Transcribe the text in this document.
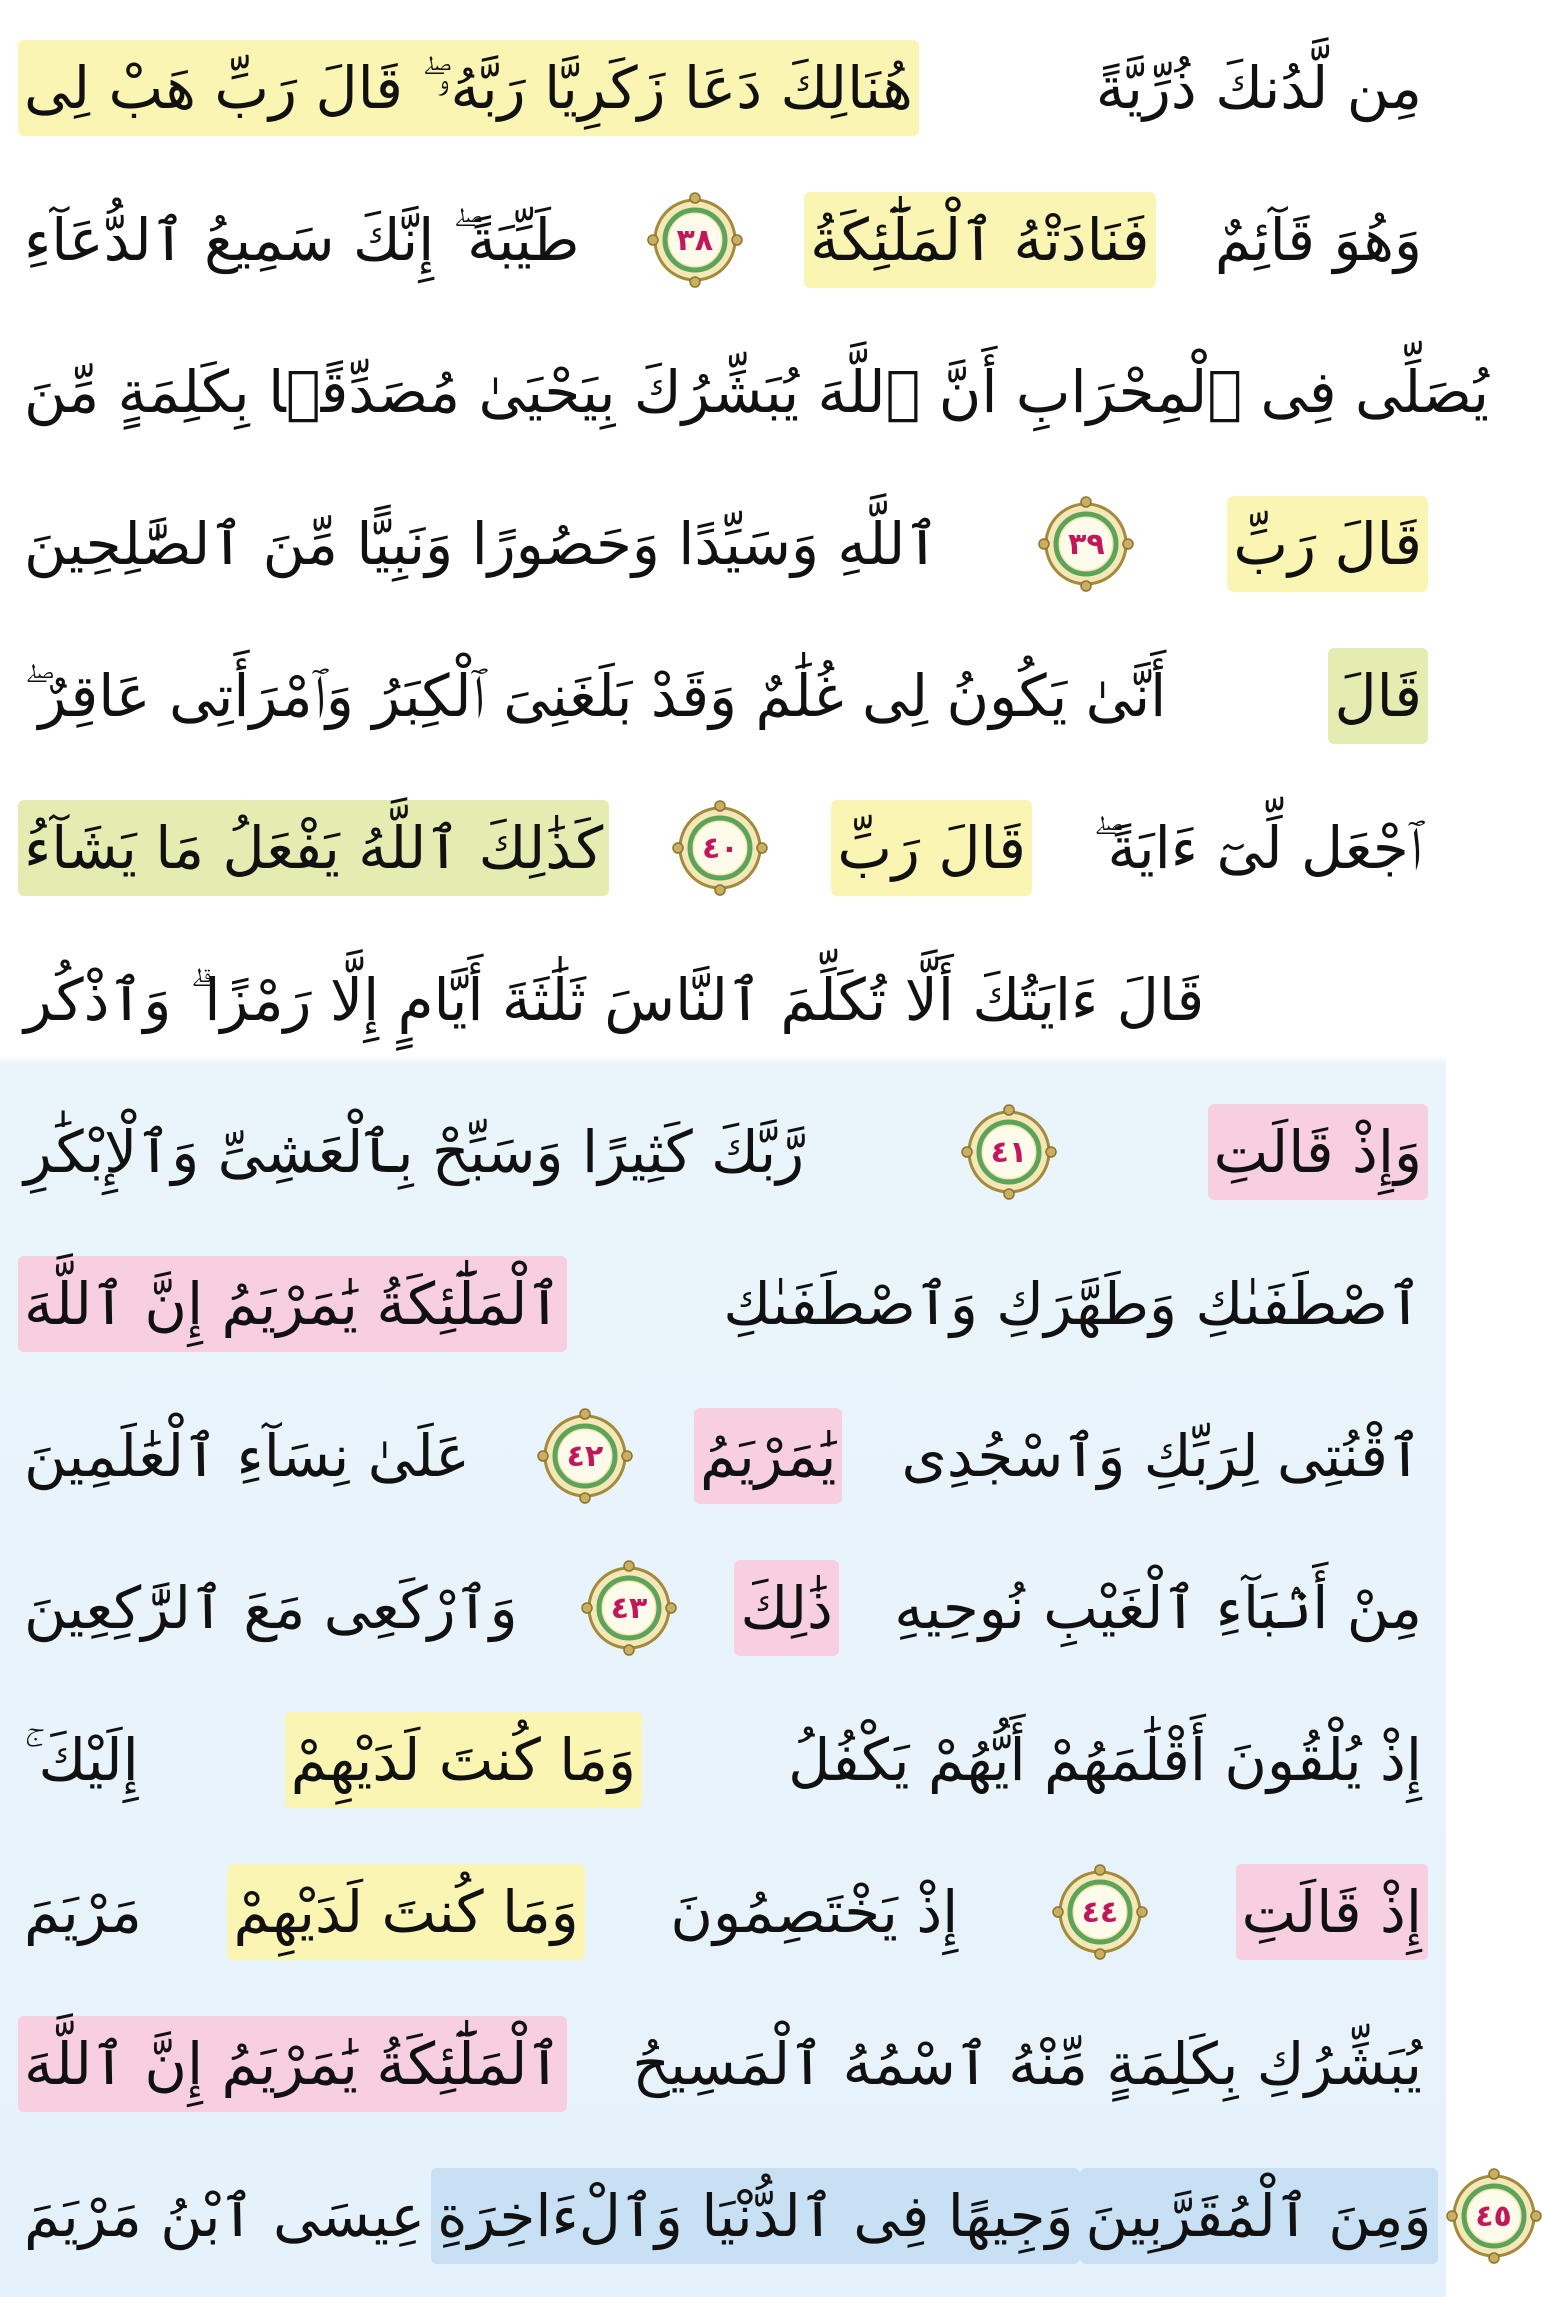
هُنَالِكَ دَعَا زَكَرِيَّا رَبَّهُۥ ۖ قَالَ رَبِّ هَبْ لِى	مِن لَّدُنكَ ذُرِّيَّةً
طَيِّبَةً ۖ إِنَّكَ سَمِيعُ ٱلدُّعَآءِ	٣٨	فَنَادَتْهُ ٱلْمَلَٰٓئِكَةُ وَهُوَ قَآئِمٌ
يُصَلِّى فِى ٱلْمِحْرَابِ أَنَّ ٱللَّهَ يُبَشِّرُكَ بِيَحْيَىٰ مُصَدِّقًۢا بِكَلِمَةٍ مِّنَ
ٱللَّهِ وَسَيِّدًا وَحَصُورًا وَنَبِيًّا مِّنَ ٱلصَّٰلِحِينَ	٣٩	قَالَ رَبِّ
أَنَّىٰ يَكُونُ لِى غُلَٰمٌ وَقَدْ بَلَغَنِىَ ٱلْكِبَرُ وَٱمْرَأَتِى عَاقِرٌ ۖ	قَالَ
كَذَٰلِكَ ٱللَّهُ يَفْعَلُ مَا يَشَآءُ	٤٠	قَالَ رَبِّ ٱجْعَل لِّىٓ ءَايَةً ۖ
قَالَ ءَايَتُكَ أَلَّا تُكَلِّمَ ٱلنَّاسَ ثَلَٰثَةَ أَيَّامٍ إِلَّا رَمْزًا ۗ وَٱذْكُر
رَّبَّكَ كَثِيرًا وَسَبِّحْ بِٱلْعَشِىِّ وَٱلْإِبْكَٰرِ	٤١	وَإِذْ قَالَتِ
ٱلْمَلَٰٓئِكَةُ يَٰمَرْيَمُ إِنَّ ٱللَّهَ	ٱصْطَفَىٰكِ وَطَهَّرَكِ وَٱصْطَفَىٰكِ
عَلَىٰ نِسَآءِ ٱلْعَٰلَمِينَ	٤٢	يَٰمَرْيَمُ ٱقْنُتِى لِرَبِّكِ وَٱسْجُدِى
وَٱرْكَعِى مَعَ ٱلرَّٰكِعِينَ	٤٣	ذَٰلِكَ مِنْ أَنۢبَآءِ ٱلْغَيْبِ نُوحِيهِ
إِلَيْكَ ۚ	وَمَا كُنتَ لَدَيْهِمْ	إِذْ يُلْقُونَ أَقْلَٰمَهُمْ أَيُّهُمْ يَكْفُلُ
مَرْيَمَ وَمَا كُنتَ لَدَيْهِمْ إِذْ يَخْتَصِمُونَ	٤٤	إِذْ قَالَتِ
ٱلْمَلَٰٓئِكَةُ يَٰمَرْيَمُ إِنَّ ٱللَّهَ يُبَشِّرُكِ بِكَلِمَةٍ مِّنْهُ ٱسْمُهُ ٱلْمَسِيحُ
عِيسَى ٱبْنُ مَرْيَمَ وَجِيهًا فِى ٱلدُّنْيَا وَٱلْءَاخِرَةِ وَمِنَ ٱلْمُقَرَّبِينَ	٤٥
